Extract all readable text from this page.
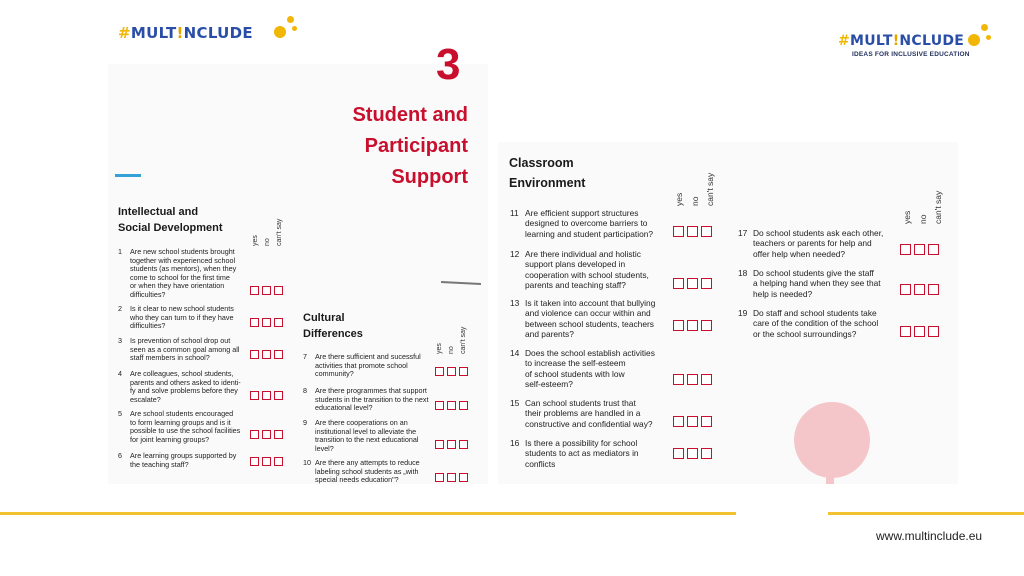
#MULT!NCLUDE	#MULT!NCLUDE
IDEAS FOR INCLUSIVE EDUCATION
3
Student and
Participant
Support
Intellectual and
Social Development
yes no can't say
1 Are new school students brought
together with experienced school
students (as mentors), when they
come to school for the first time
or when they have orientation
difficulties?
2 Is it clear to new school students
who they can turn to if they have
difficulties?
3 Is prevention of school drop out
seen as a common goal among all
staff members in school?
4 Are colleagues, school students,
parents and others asked to identi-
fy and solve problems before they
escalate?
5 Are school students encouraged
to form learning groups and is it
possible to use the school facilities
for joint learning groups?
6 Are learning groups supported by
the teaching staff?
Cultural
Differences
yes no can't say
7 Are there sufficient and sucessful
activities that promote school
community?
8 Are there programmes that support
students in the transition to the next
educational level?
9 Are there cooperations on an
institutional level to alleviate the
transition to the next educational
level?
10 Are there any attempts to reduce
labeling school students as „with
special needs education"?
Classroom
Environment
yes no can't say
11 Are efficient support structures
designed to overcome barriers to
learning and student participation?
12 Are there individual and holistic
support plans developed in
cooperation with school students,
parents and teaching staff?
13 Is it taken into account that bullying
and violence can occur within and
between school students, teachers
and parents?
14 Does the school establish activities
to increase the self-esteem
of school students with low
self-esteem?
15 Can school students trust that
their problems are handled in a
constructive and confidential way?
16 Is there a possibility for school
students to act as mediators in
conflicts
yes no can't say
17 Do school students ask each other,
teachers or parents for help and
offer help when needed?
18 Do school students give the staff
a helping hand when they see that
help is needed?
19 Do staff and school students take
care of the condition of the school
or the school surroundings?
www.multinclude.eu
